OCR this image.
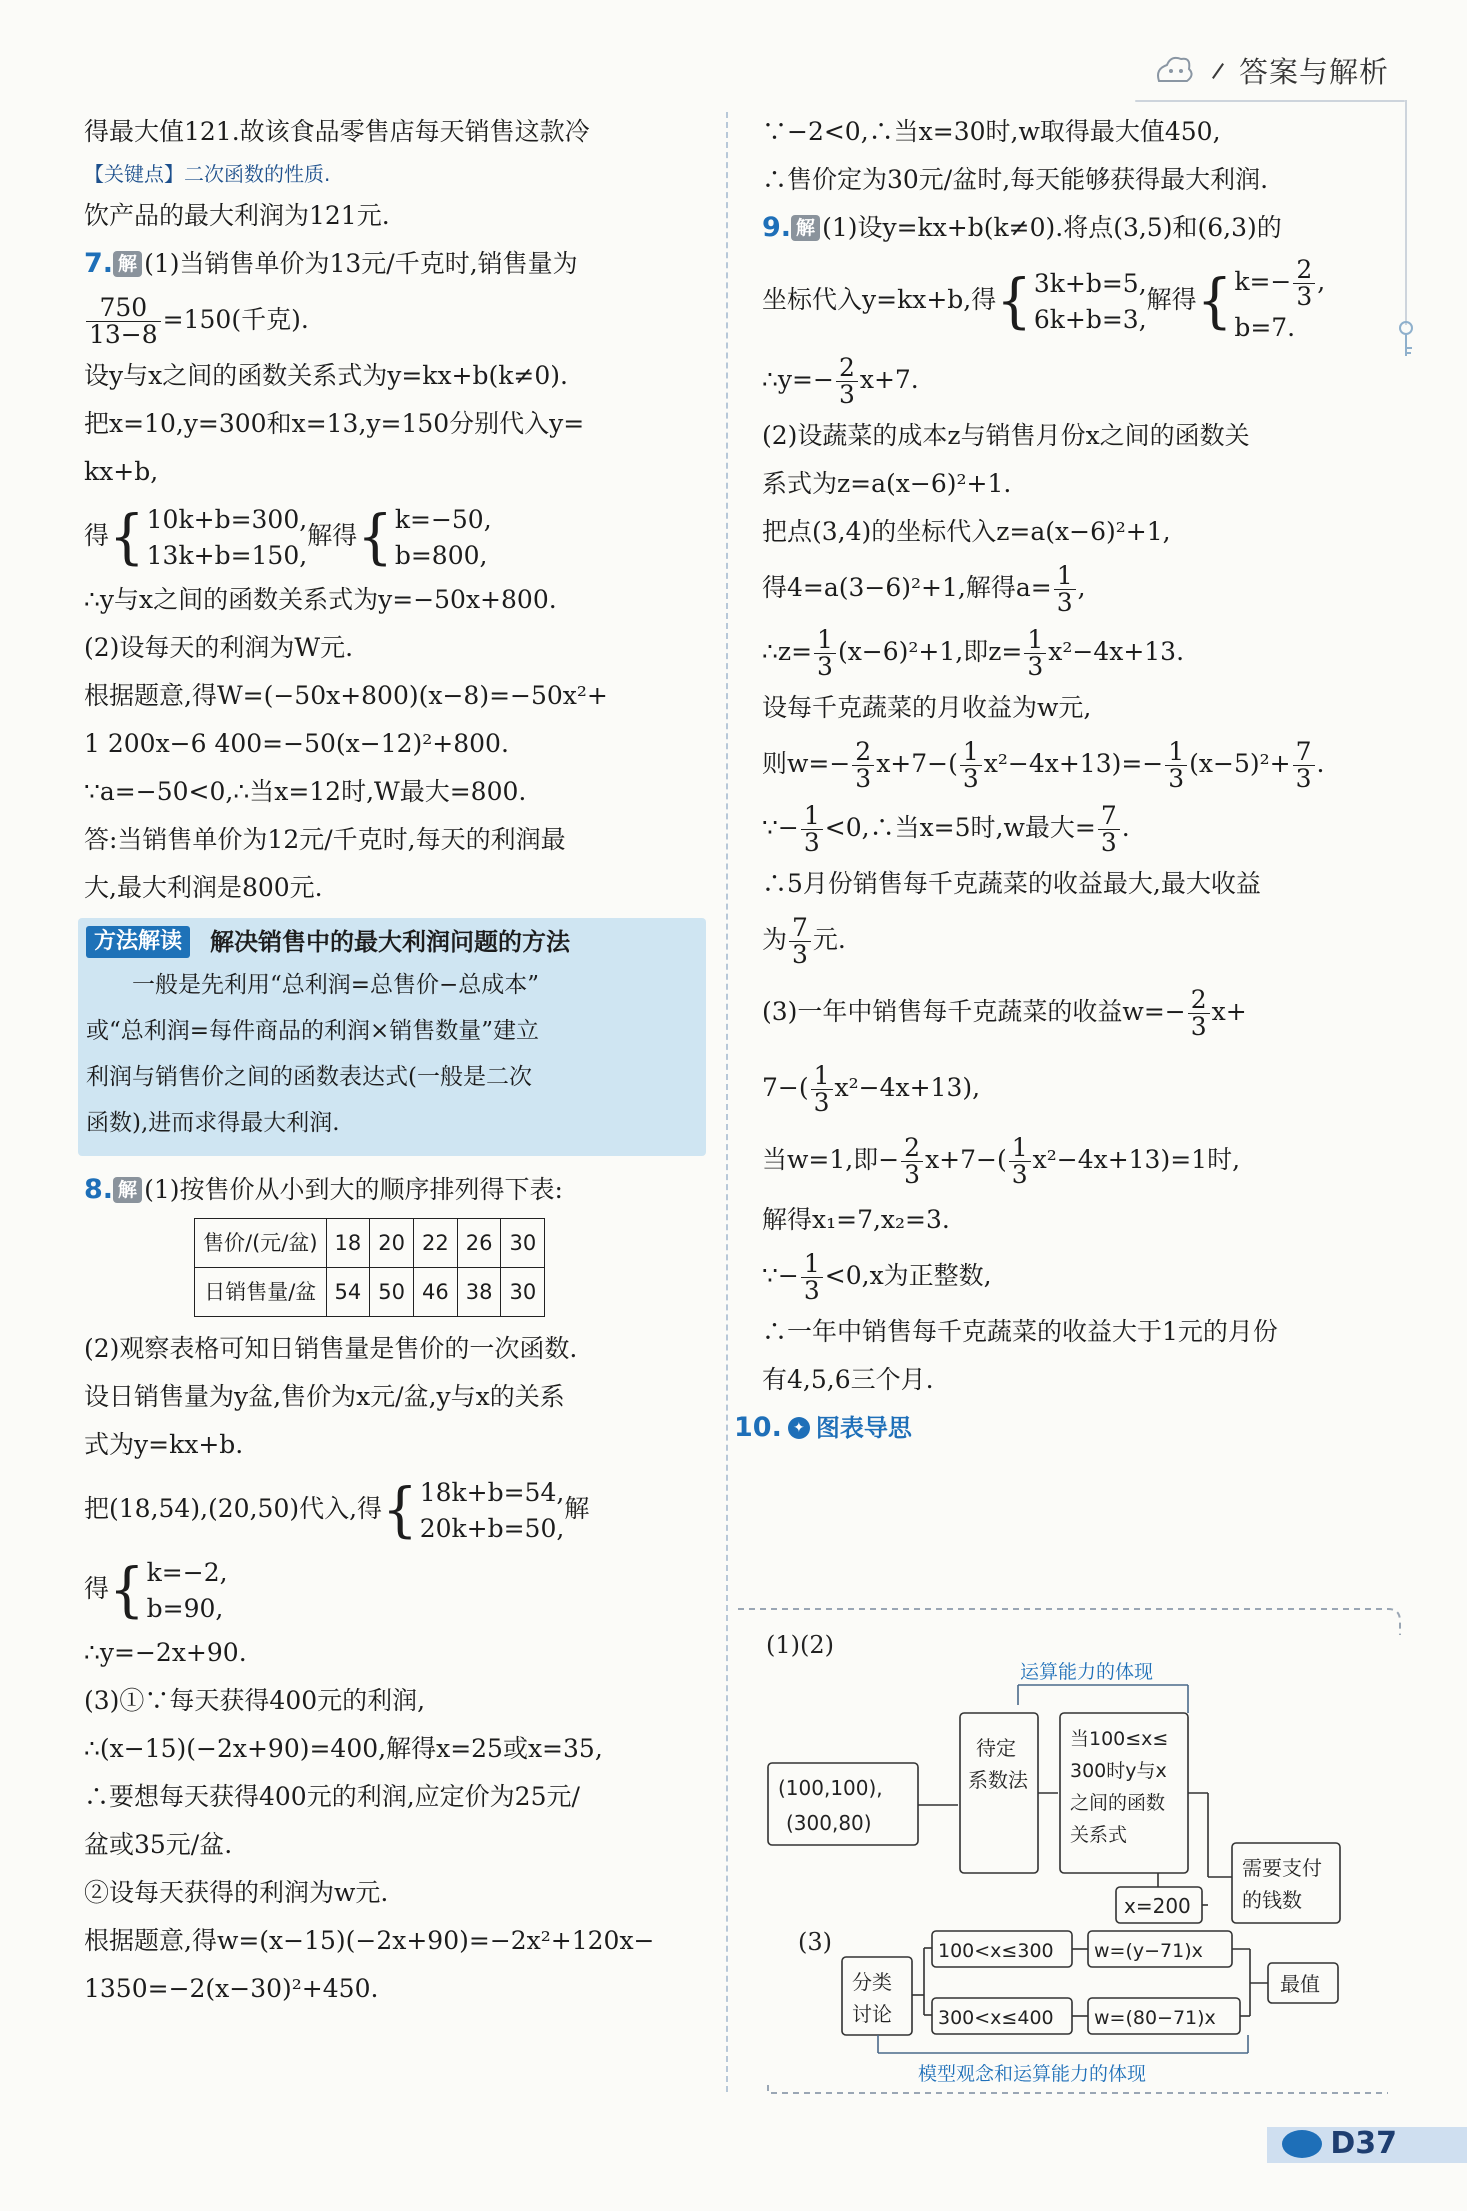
答案与解析

得最大值121.故该食品零售店每天销售这款冷

【关键点】二次函数的性质.

饮产品的最大利润为121元.

7. 解 (1)当销售单价为13元/千克时,销售量为

$\frac{750}{13-8} =150$(千克).

设y与x之间的函数关系式为y=kx+b(k≠0).

把x=10,y=300和x=13,y=150分别代入y=

kx+b,

得 { 10k+b=300,
13k+b=150,
解得 { k=−50,
b=800,

∴y与x之间的函数关系式为y=−50x+800.

(2)设每天的利润为W元.

根据题意,得W=(−50x+800)(x−8)=−50x²+

1 200x−6 400=−50(x−12)²+800.

∵a=−50<0,∴当x=12时,W最大=800.

答:当销售单价为12元/千克时,每天的利润最

大,最大利润是800元.

方法解读	解决销售中的最大利润问题的方法

一般是先利用“总利润=总售价−总成本”

或“总利润=每件商品的利润×销售数量”建立

利润与销售价之间的函数表达式(一般是二次

函数),进而求得最大利润.

8. 解 (1)按售价从小到大的顺序排列得下表:

售价/(元/盆)	18	20	22	26	30
日销售量/盆	54	50	46	38	30

(2)观察表格可知日销售量是售价的一次函数.

设日销售量为y盆,售价为x元/盆,y与x的关系

式为y=kx+b.

把(18,54),(20,50)代入,得 { 18k+b=54,
20k+b=50,
解

得 { k=−2,
b=90,

∴y=−2x+90.

(3)①∵每天获得400元的利润,

∴(x−15)(−2x+90)=400,解得x=25或x=35,

∴要想每天获得400元的利润,应定价为25元/

盆或35元/盆.

②设每天获得的利润为w元.

根据题意,得w=(x−15)(−2x+90)=−2x²+120x−

1350=−2(x−30)²+450.

∵−2<0,∴当x=30时,w取得最大值450,

∴售价定为30元/盆时,每天能够获得最大利润.

9. 解 (1)设y=kx+b(k≠0).将点(3,5)和(6,3)的

坐标代入y=kx+b,得 { 3k+b=5,
6k+b=3,
解得 { $k=- \frac{2}{3}$ ,
b=7.

∴y=− $\frac{2}{3} x+7$.

(2)设蔬菜的成本z与销售月份x之间的函数关

系式为z=a(x−6)²+1.

把点(3,4)的坐标代入z=a(x−6)²+1,

得4=a(3−6)²+1,解得$a= \frac{1}{3}$ ,

∴z= $\frac{1}{3} (x-6)^2+1$,即$z= \frac{1}{3} x^2-4x+13$.

设每千克蔬菜的月收益为w元,

则$w=- \frac{2}{3} x+7-( \frac{1}{3} x^2-4x+13)=- \frac{1}{3} (x-5)^2+ \frac{7}{3}$ .

∵− $\frac{1}{3}$ <0,∴当x=5时,w最大= $\frac{7}{3}$ .

∴5月份销售每千克蔬菜的收益最大,最大收益

为 $\frac{7}{3}$ 元.

(3)一年中销售每千克蔬菜的收益$w=- \frac{2}{3} x+$

$7-( \frac{1}{3} x^2-4x+13)$,

当w=1,即− $\frac{2}{3} x+7-( \frac{1}{3} x^2-4x+13)=1$时,

解得x₁=7,x₂=3.

∵− $\frac{1}{3} <0,x$为正整数,

∴一年中销售每千克蔬菜的收益大于1元的月份

有4,5,6三个月.

10. ✦ 图表导思

(1)(2)
运算能力的体现
(100,100),
(300,80)
待定
系数法
当100≤x≤
300时y与x
之间的函数
关系式
x=200
需要支付
的钱数
(3)
分类
讨论
100<x≤300
300<x≤400
w=(y−71)x
w=(80−71)x
最值
模型观念和运算能力的体现
D37
